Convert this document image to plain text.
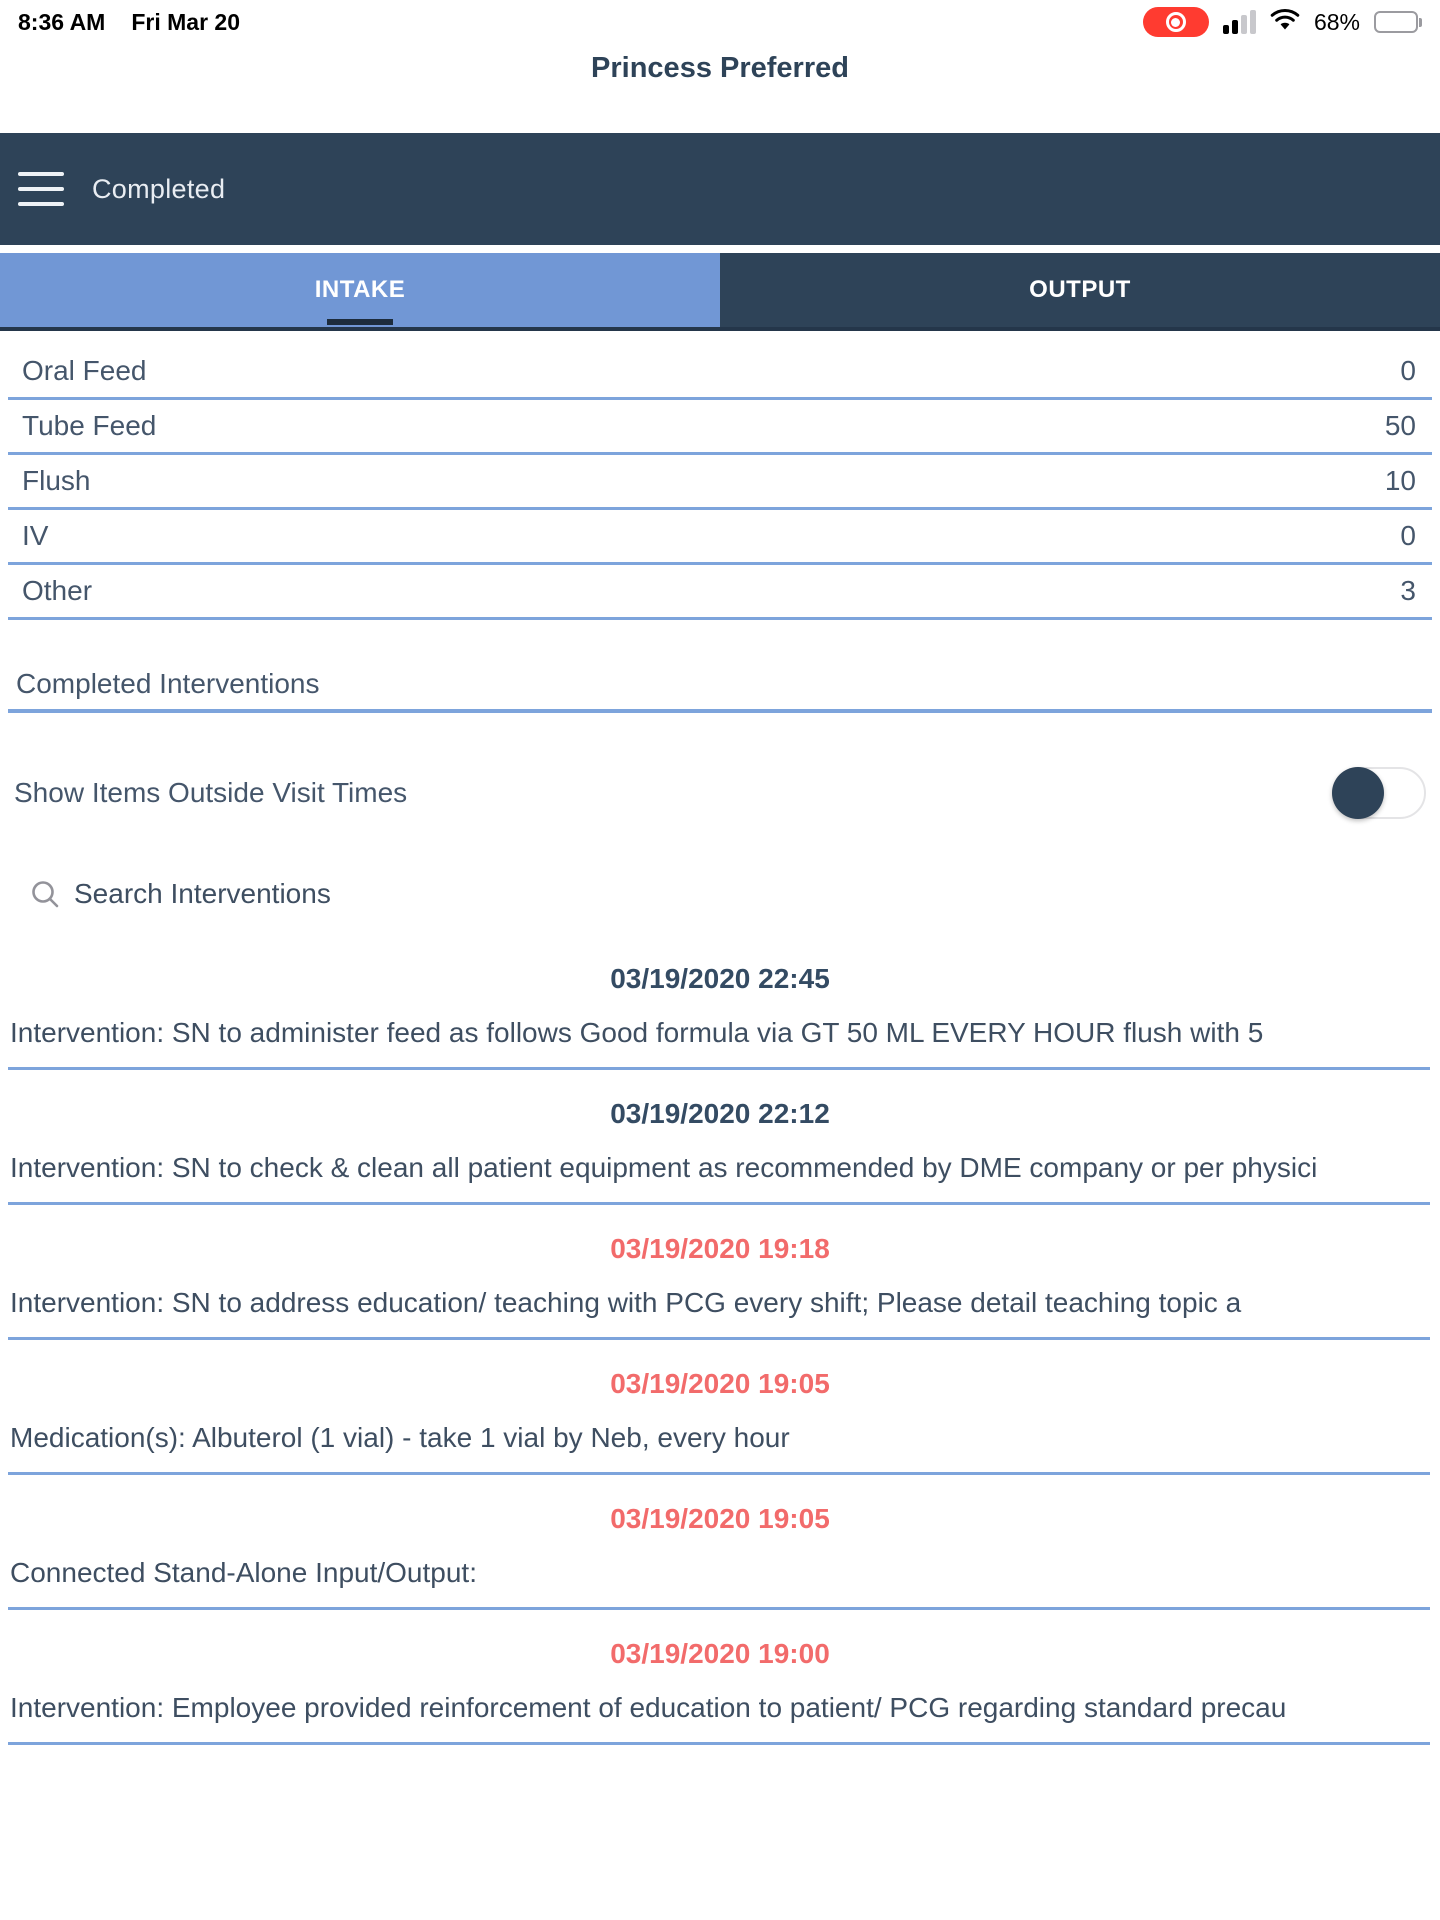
8:36 AM Fri Mar 20	68%
Princess Preferred
Completed
INTAKE	OUTPUT
Oral Feed	0
Tube Feed	50
Flush	10
IV	0
Other	3
Completed Interventions
Show Items Outside Visit Times
Search Interventions
03/19/2020 22:45
Intervention: SN to administer feed as follows Good formula via GT 50 ML EVERY HOUR flush with 5
03/19/2020 22:12
Intervention: SN to check & clean all patient equipment as recommended by DME company or per physici
03/19/2020 19:18
Intervention: SN to address education/ teaching with PCG every shift; Please detail teaching topic a
03/19/2020 19:05
Medication(s): Albuterol (1 vial) - take 1 vial by Neb, every hour
03/19/2020 19:05
Connected Stand-Alone Input/Output:
03/19/2020 19:00
Intervention: Employee provided reinforcement of education to patient/ PCG regarding standard precau
